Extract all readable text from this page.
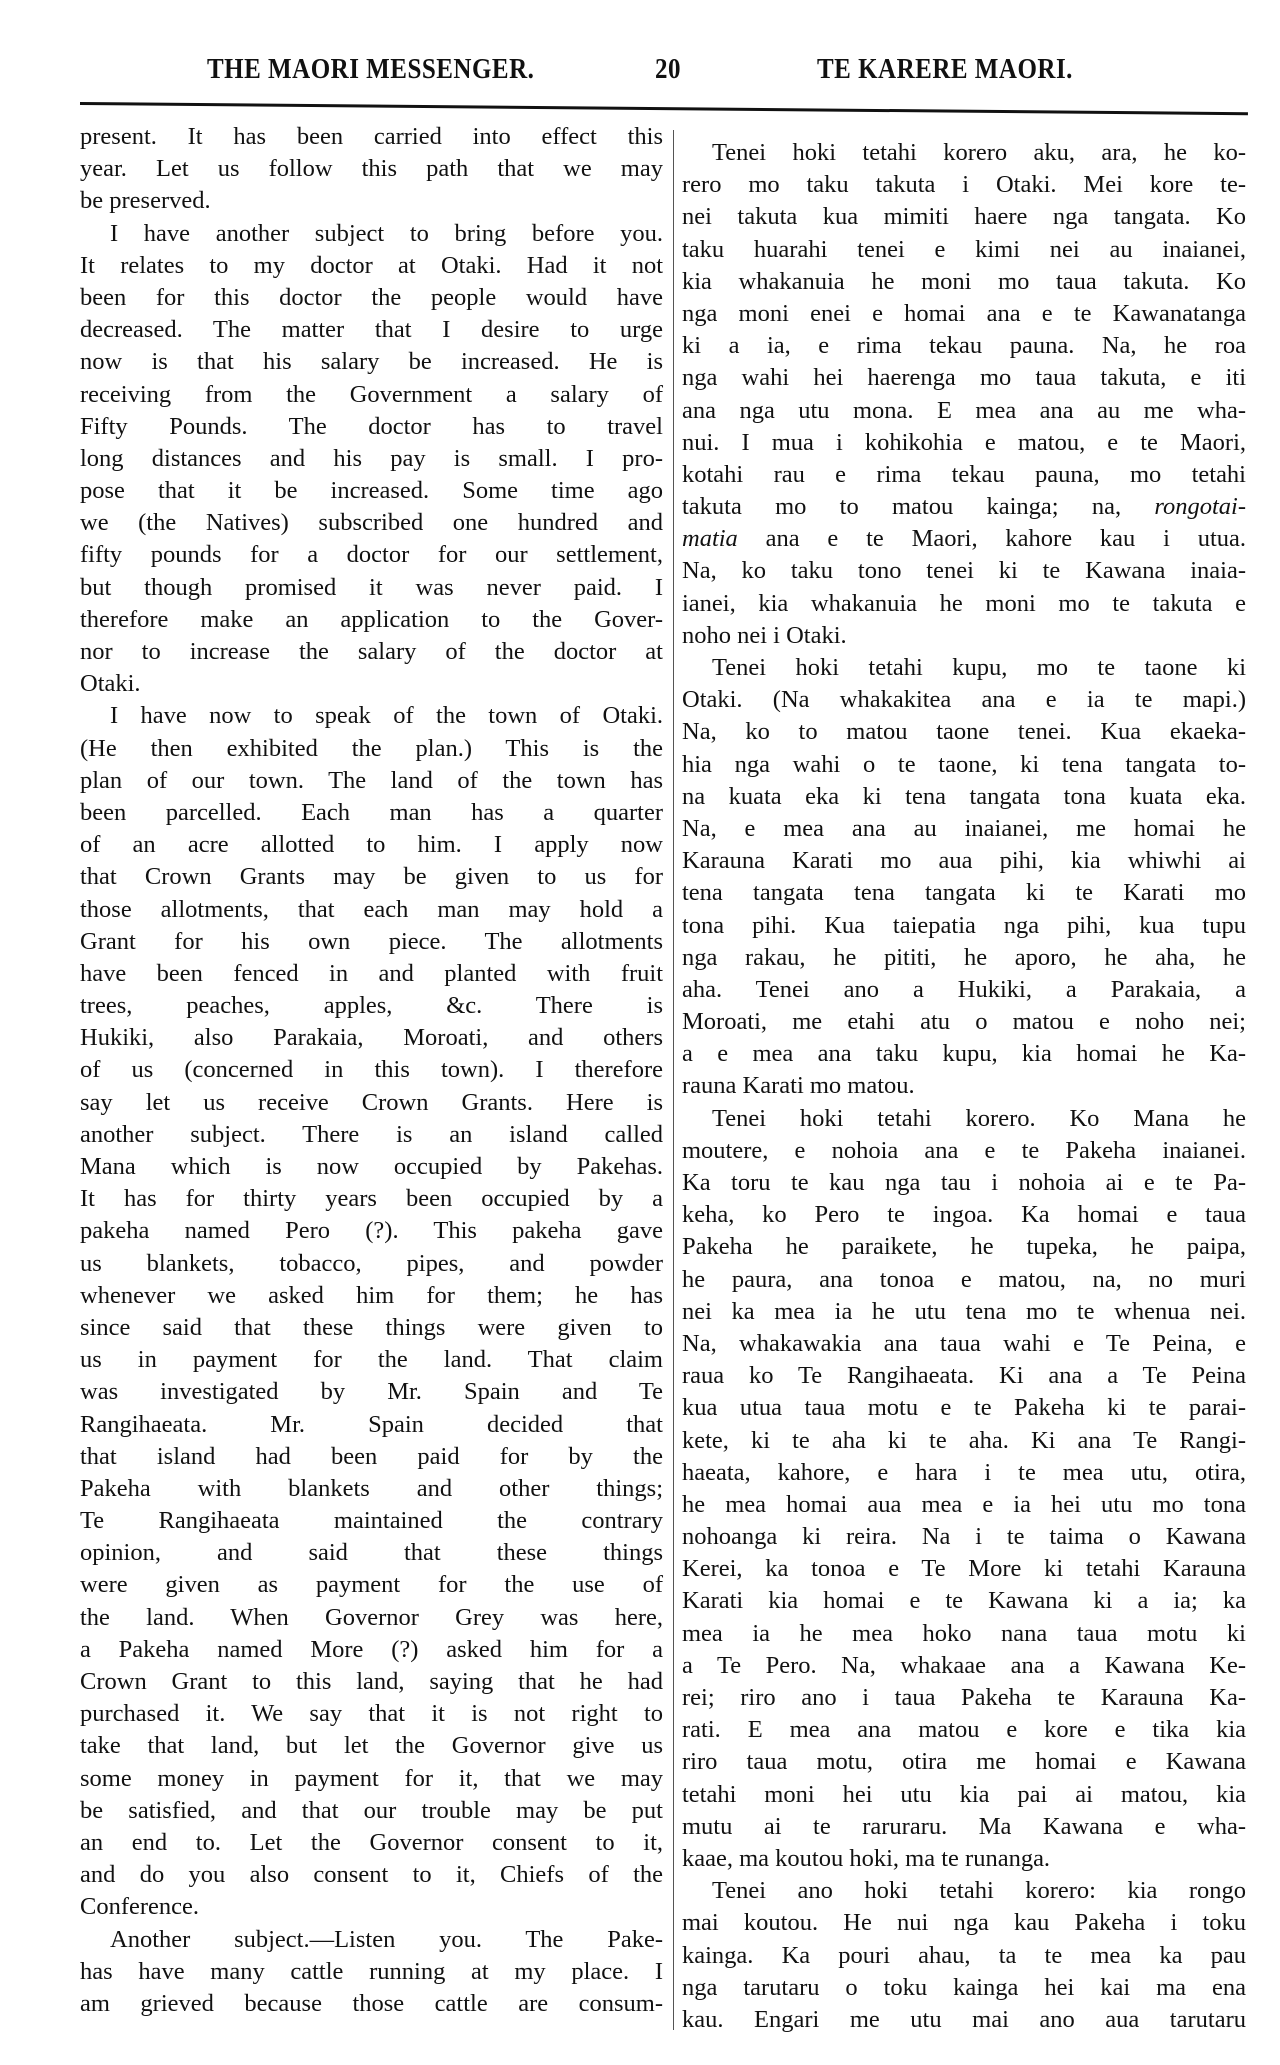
THE MAORI MESSENGER.	20	TE KARERE MAORI.
present. It has been carried into effect this
year. Let us follow this path that we may
be preserved.
I have another subject to bring before you.
It relates to my doctor at Otaki. Had it not
been for this doctor the people would have
decreased. The matter that I desire to urge
now is that his salary be increased. He is
receiving from the Government a salary of
Fifty Pounds. The doctor has to travel
long distances and his pay is small. I pro-
pose that it be increased. Some time ago
we (the Natives) subscribed one hundred and
fifty pounds for a doctor for our settlement,
but though promised it was never paid. I
therefore make an application to the Gover-
nor to increase the salary of the doctor at
Otaki.
I have now to speak of the town of Otaki.
(He then exhibited the plan.) This is the
plan of our town. The land of the town has
been parcelled. Each man has a quarter
of an acre allotted to him. I apply now
that Crown Grants may be given to us for
those allotments, that each man may hold a
Grant for his own piece. The allotments
have been fenced in and planted with fruit
trees, peaches, apples, &c. There is
Hukiki, also Parakaia, Moroati, and others
of us (concerned in this town). I therefore
say let us receive Crown Grants. Here is
another subject. There is an island called
Mana which is now occupied by Pakehas.
It has for thirty years been occupied by a
pakeha named Pero (?). This pakeha gave
us blankets, tobacco, pipes, and powder
whenever we asked him for them; he has
since said that these things were given to
us in payment for the land. That claim
was investigated by Mr. Spain and Te
Rangihaeata. Mr. Spain decided that
that island had been paid for by the
Pakeha with blankets and other things;
Te Rangihaeata maintained the contrary
opinion, and said that these things
were given as payment for the use of
the land. When Governor Grey was here,
a Pakeha named More (?) asked him for a
Crown Grant to this land, saying that he had
purchased it. We say that it is not right to
take that land, but let the Governor give us
some money in payment for it, that we may
be satisfied, and that our trouble may be put
an end to. Let the Governor consent to it,
and do you also consent to it, Chiefs of the
Conference.
Another subject.—Listen you. The Pake-
has have many cattle running at my place. I
am grieved because those cattle are consum-
Tenei hoki tetahi korero aku, ara, he ko-
rero mo taku takuta i Otaki. Mei kore te-
nei takuta kua mimiti haere nga tangata. Ko
taku huarahi tenei e kimi nei au inaianei,
kia whakanuia he moni mo taua takuta. Ko
nga moni enei e homai ana e te Kawanatanga
ki a ia, e rima tekau pauna. Na, he roa
nga wahi hei haerenga mo taua takuta, e iti
ana nga utu mona. E mea ana au me wha-
nui. I mua i kohikohia e matou, e te Maori,
kotahi rau e rima tekau pauna, mo tetahi
takuta mo to matou kainga; na, rongotai-
matia ana e te Maori, kahore kau i utua.
Na, ko taku tono tenei ki te Kawana inaia-
ianei, kia whakanuia he moni mo te takuta e
noho nei i Otaki.
Tenei hoki tetahi kupu, mo te taone ki
Otaki. (Na whakakitea ana e ia te mapi.)
Na, ko to matou taone tenei. Kua ekaeka-
hia nga wahi o te taone, ki tena tangata to-
na kuata eka ki tena tangata tona kuata eka.
Na, e mea ana au inaianei, me homai he
Karauna Karati mo aua pihi, kia whiwhi ai
tena tangata tena tangata ki te Karati mo
tona pihi. Kua taiepatia nga pihi, kua tupu
nga rakau, he pititi, he aporo, he aha, he
aha. Tenei ano a Hukiki, a Parakaia, a
Moroati, me etahi atu o matou e noho nei;
a e mea ana taku kupu, kia homai he Ka-
rauna Karati mo matou.
Tenei hoki tetahi korero. Ko Mana he
moutere, e nohoia ana e te Pakeha inaianei.
Ka toru te kau nga tau i nohoia ai e te Pa-
keha, ko Pero te ingoa. Ka homai e taua
Pakeha he paraikete, he tupeka, he paipa,
he paura, ana tonoa e matou, na, no muri
nei ka mea ia he utu tena mo te whenua nei.
Na, whakawakia ana taua wahi e Te Peina, e
raua ko Te Rangihaeata. Ki ana a Te Peina
kua utua taua motu e te Pakeha ki te parai-
kete, ki te aha ki te aha. Ki ana Te Rangi-
haeata, kahore, e hara i te mea utu, otira,
he mea homai aua mea e ia hei utu mo tona
nohoanga ki reira. Na i te taima o Kawana
Kerei, ka tonoa e Te More ki tetahi Karauna
Karati kia homai e te Kawana ki a ia; ka
mea ia he mea hoko nana taua motu ki
a Te Pero. Na, whakaae ana a Kawana Ke-
rei; riro ano i taua Pakeha te Karauna Ka-
rati. E mea ana matou e kore e tika kia
riro taua motu, otira me homai e Kawana
tetahi moni hei utu kia pai ai matou, kia
mutu ai te raruraru. Ma Kawana e wha-
kaae, ma koutou hoki, ma te runanga.
Tenei ano hoki tetahi korero: kia rongo
mai koutou. He nui nga kau Pakeha i toku
kainga. Ka pouri ahau, ta te mea ka pau
nga tarutaru o toku kainga hei kai ma ena
kau. Engari me utu mai ano aua tarutaru
